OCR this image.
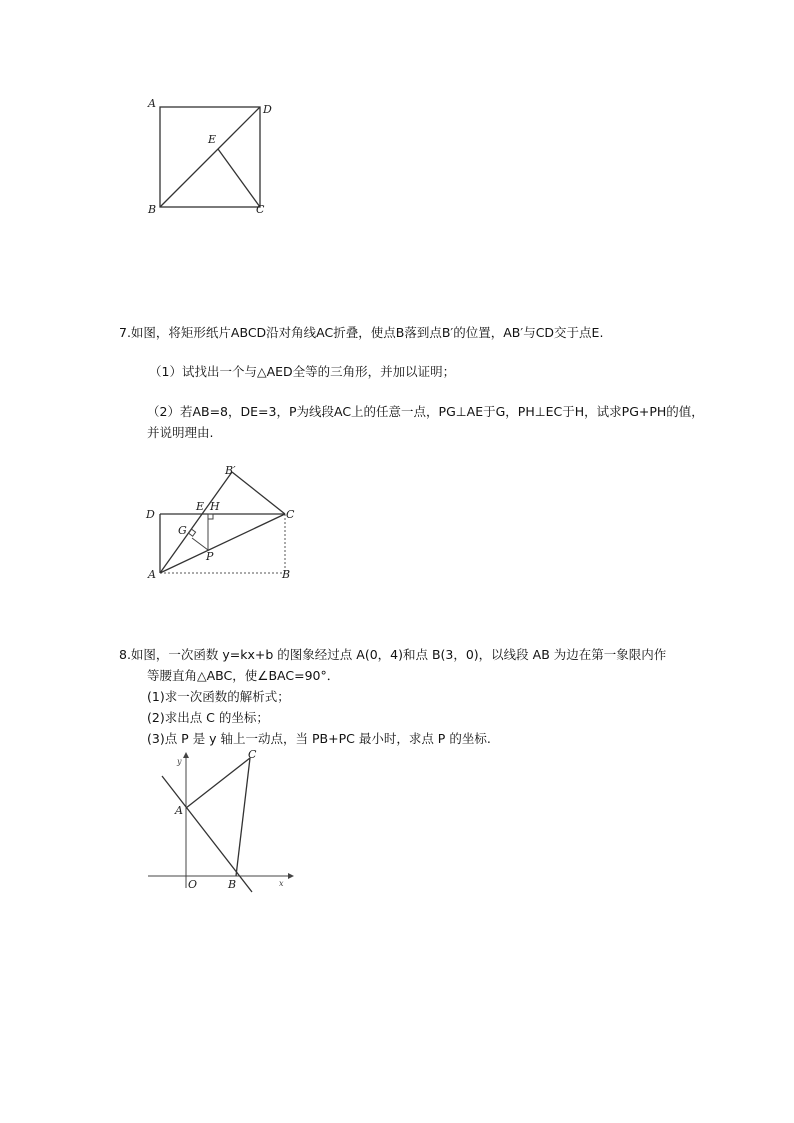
A	D
E
B	C
7.如图，将矩形纸片ABCD沿对角线AC折叠，使点B落到点B′的位置，AB′与CD交于点E.
（1）试找出一个与△AED全等的三角形，并加以证明；
（2）若AB=8，DE=3，P为线段AC上的任意一点，PG⊥AE于G，PH⊥EC于H，试求PG+PH的值，
并说明理由.
B′
E H
D	C
G
P
A	B
8.如图，一次函数 y=kx+b 的图象经过点 A(0，4)和点 B(3，0)，以线段 AB 为边在第一象限内作
等腰直角△ABC，使∠BAC=90°．
(1)求一次函数的解析式；
(2)求出点 C 的坐标；
(3)点 P 是 y 轴上一动点，当 PB+PC 最小时，求点 P 的坐标.
y
C
A
O	B	x
